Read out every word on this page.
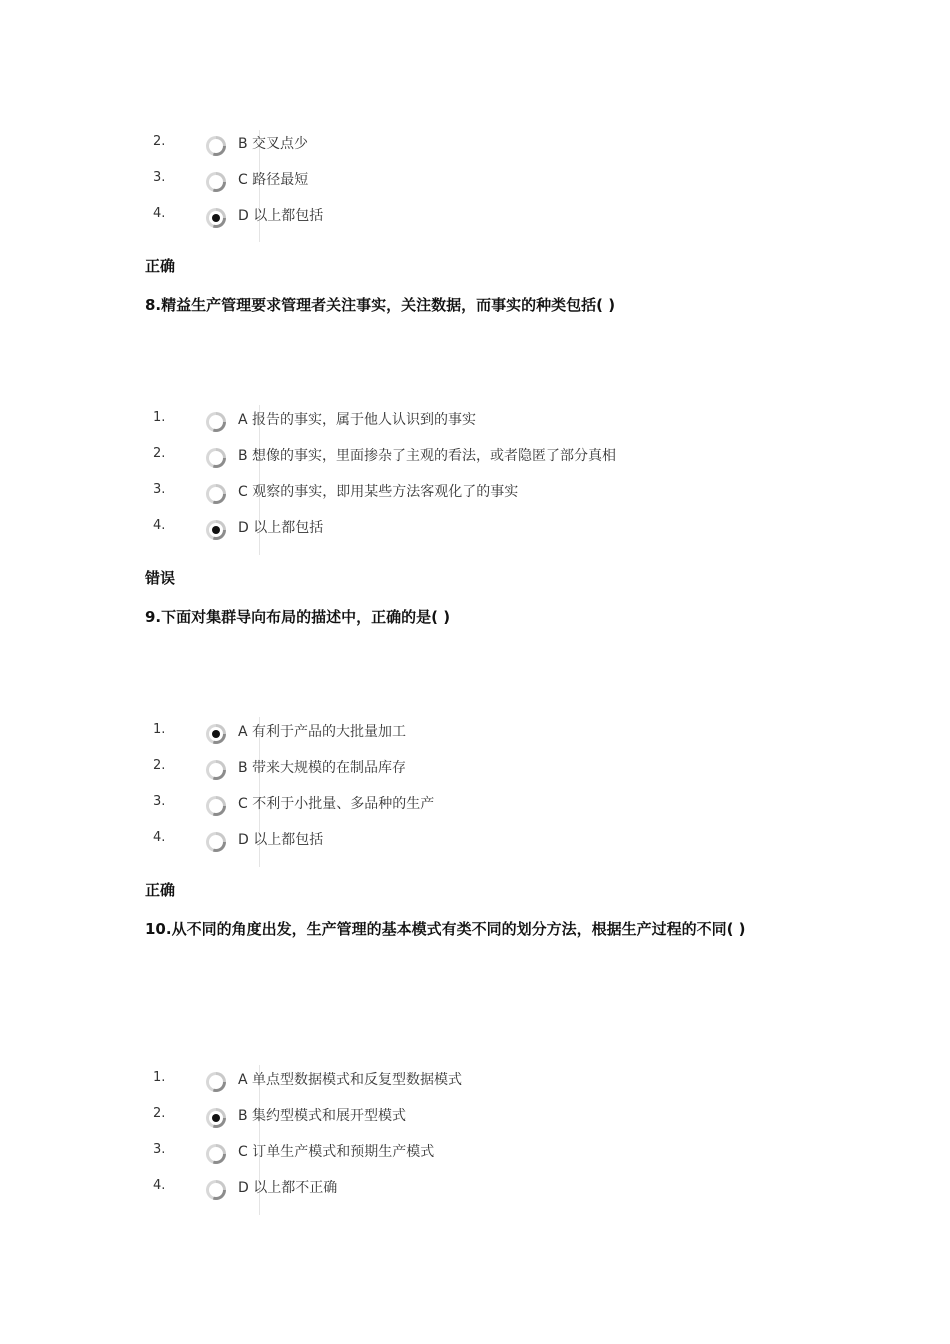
2.	B 交叉点少
3.	C 路径最短
4.	D 以上都包括
正确
8.精益生产管理要求管理者关注事实，关注数据，而事实的种类包括( )
1.	A 报告的事实，属于他人认识到的事实
2.	B 想像的事实，里面掺杂了主观的看法，或者隐匿了部分真相
3.	C 观察的事实，即用某些方法客观化了的事实
4.	D 以上都包括
错误
9.下面对集群导向布局的描述中，正确的是( )
1.	A 有利于产品的大批量加工
2.	B 带来大规模的在制品库存
3.	C 不利于小批量、多品种的生产
4.	D 以上都包括
正确
10.从不同的角度出发，生产管理的基本模式有类不同的划分方法，根据生产过程的不同( )
1.	A 单点型数据模式和反复型数据模式
2.	B 集约型模式和展开型模式
3.	C 订单生产模式和预期生产模式
4.	D 以上都不正确
